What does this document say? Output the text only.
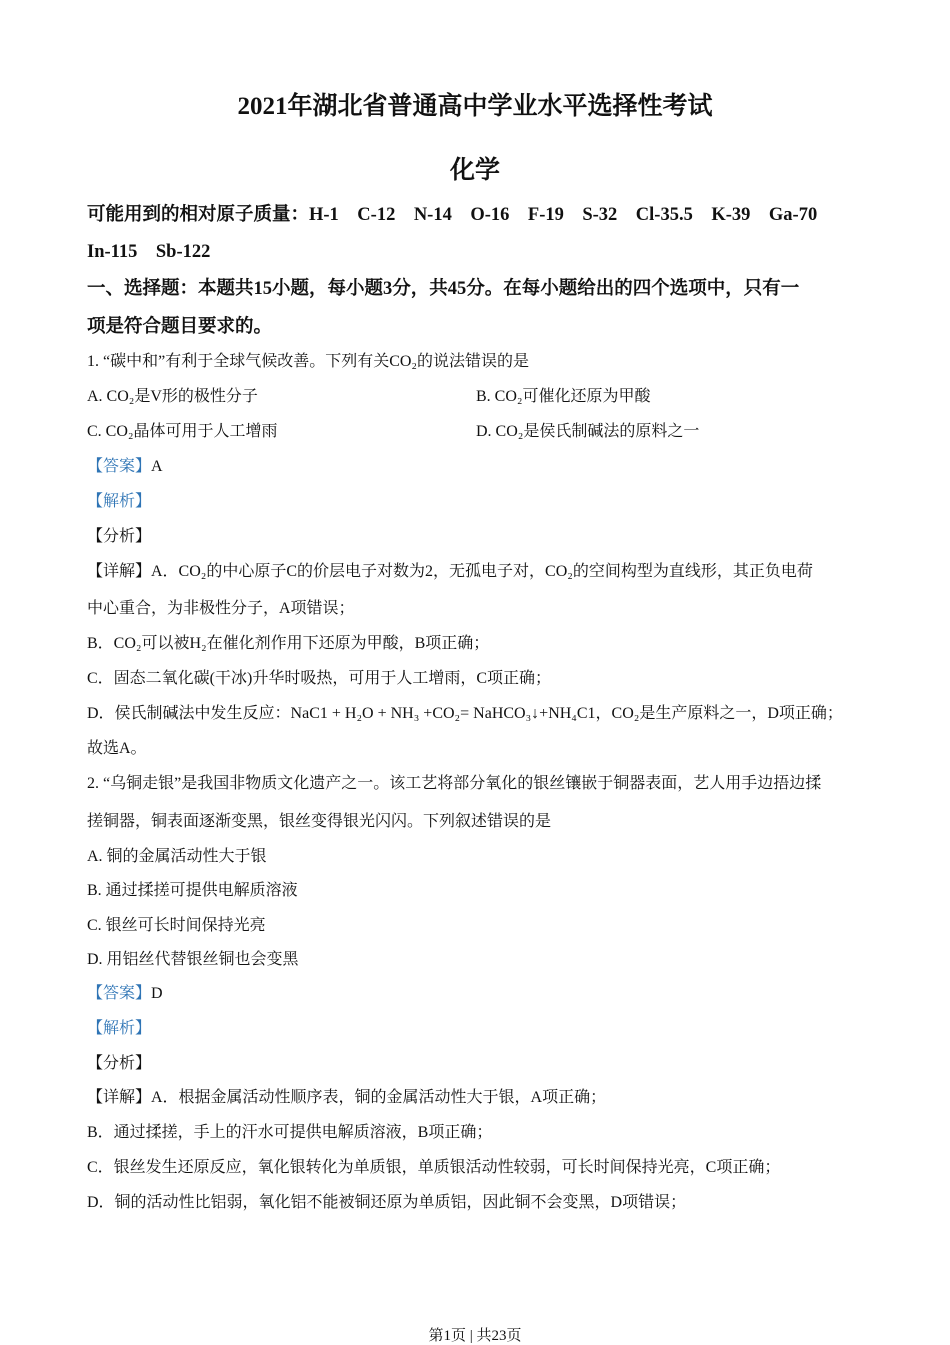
2021年湖北省普通高中学业水平选择性考试
化学
可能用到的相对原子质量：H-1　C-12　N-14　O-16　F-19　S-32　Cl-35.5　K-39　Ga-70
In-115　Sb-122
一、选择题：本题共15小题，每小题3分，共45分。在每小题给出的四个选项中，只有一
项是符合题目要求的。
1. “碳中和”有利于全球气候改善。下列有关CO₂的说法错误的是
A. CO₂是V形的极性分子	B. CO₂可催化还原为甲酸
C. CO₂晶体可用于人工增雨	D. CO₂是侯氏制碱法的原料之一
【答案】A
【解析】
【分析】
【详解】A．CO₂的中心原子C的价层电子对数为2，无孤电子对，CO₂的空间构型为直线形，其正负电荷
中心重合，为非极性分子，A项错误；
B．CO₂可以被H₂在催化剂作用下还原为甲酸，B项正确；
C．固态二氧化碳(干冰)升华时吸热，可用于人工增雨，C项正确；
D．侯氏制碱法中发生反应：NaC1 + H₂O + NH₃ +CO₂= NaHCO₃↓+NH₄C1，CO₂是生产原料之一，D项正确；
故选A。
2. “乌铜走银”是我国非物质文化遗产之一。该工艺将部分氧化的银丝镶嵌于铜器表面，艺人用手边捂边揉
搓铜器，铜表面逐渐变黑，银丝变得银光闪闪。下列叙述错误的是
A. 铜的金属活动性大于银
B. 通过揉搓可提供电解质溶液
C. 银丝可长时间保持光亮
D. 用铝丝代替银丝铜也会变黑
【答案】D
【解析】
【分析】
【详解】A．根据金属活动性顺序表，铜的金属活动性大于银，A项正确；
B．通过揉搓，手上的汗水可提供电解质溶液，B项正确；
C．银丝发生还原反应，氧化银转化为单质银，单质银活动性较弱，可长时间保持光亮，C项正确；
D．铜的活动性比铝弱，氧化铝不能被铜还原为单质铝，因此铜不会变黑，D项错误；
第1页 | 共23页
